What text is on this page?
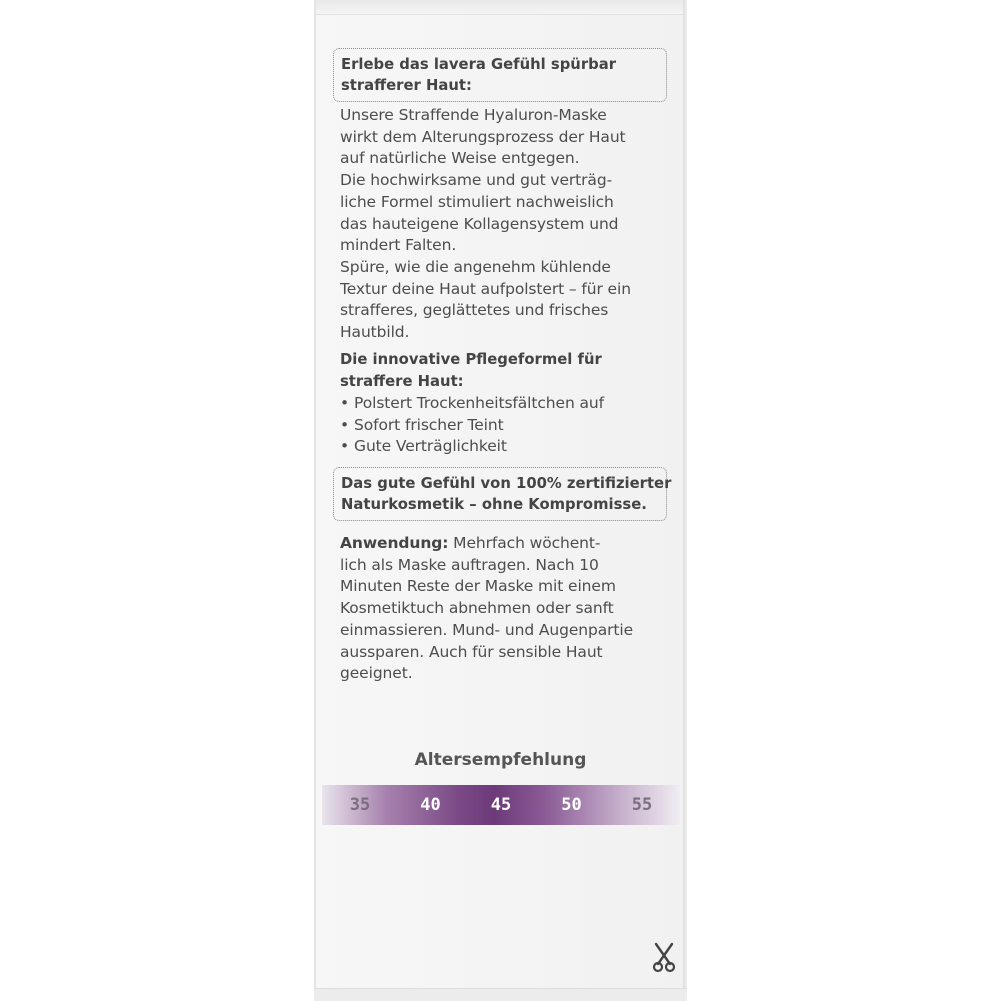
Erlebe das lavera Gefühl spürbar
strafferer Haut:
Unsere Straffende Hyaluron-Maske
wirkt dem Alterungsprozess der Haut
auf natürliche Weise entgegen.
Die hochwirksame und gut verträg-
liche Formel stimuliert nachweislich
das hauteigene Kollagensystem und
mindert Falten.
Spüre, wie die angenehm kühlende
Textur deine Haut aufpolstert – für ein
strafferes, geglättetes und frisches
Hautbild.
Die innovative Pflegeformel für
straffere Haut:
• Polstert Trockenheitsfältchen auf
• Sofort frischer Teint
• Gute Verträglichkeit
Das gute Gefühl von 100% zertifizierter
Naturkosmetik – ohne Kompromisse.
Anwendung: Mehrfach wöchent-
lich als Maske auftragen. Nach 10
Minuten Reste der Maske mit einem
Kosmetiktuch abnehmen oder sanft
einmassieren. Mund- und Augenpartie
aussparen. Auch für sensible Haut
geeignet.
Altersempfehlung
35	40	45	50	55
